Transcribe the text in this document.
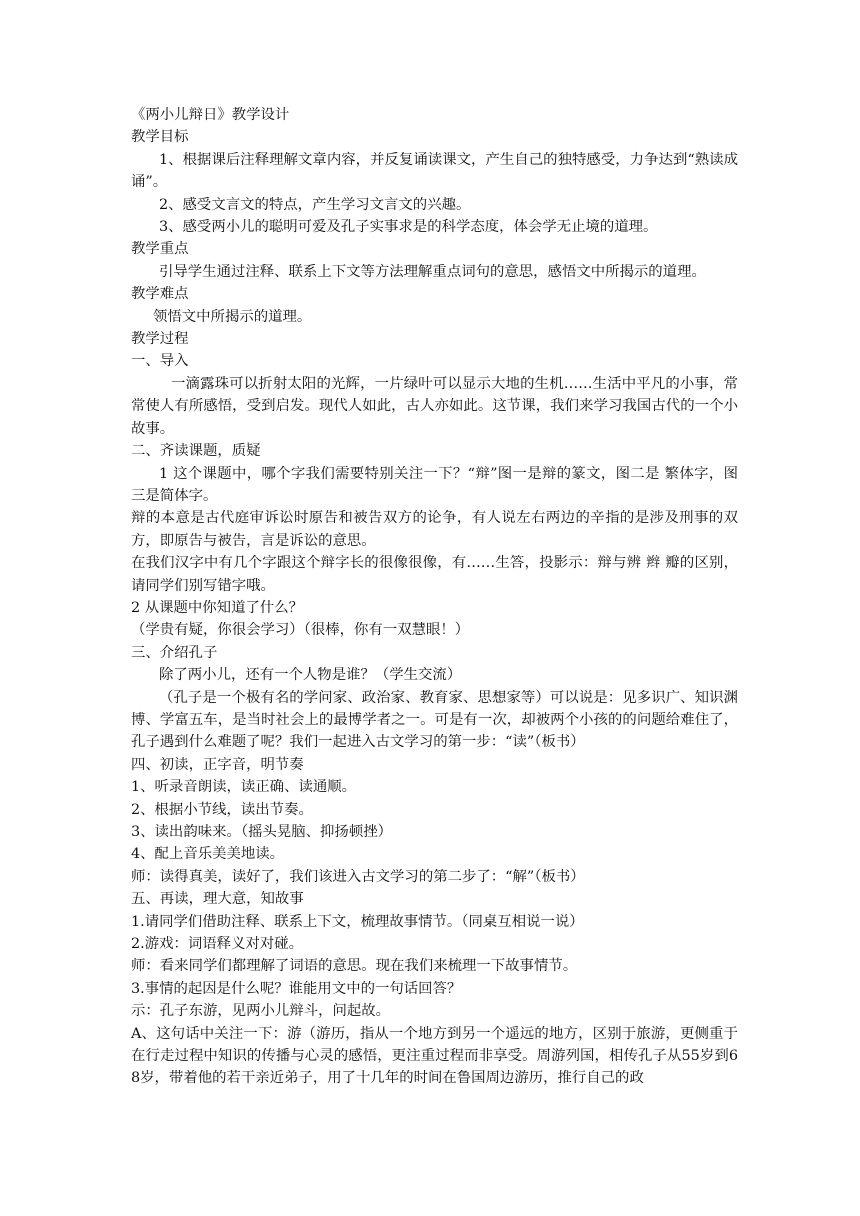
《两小儿辩日》教学设计

教学目标

1、根据课后注释理解文章内容，并反复诵读课文，产生自己的独特感受，力争达到“熟读成诵”。

2、感受文言文的特点，产生学习文言文的兴趣。

3、感受两小儿的聪明可爱及孔子实事求是的科学态度，体会学无止境的道理。

教学重点

引导学生通过注释、联系上下文等方法理解重点词句的意思，感悟文中所揭示的道理。

教学难点

领悟文中所揭示的道理。

教学过程

一、导入

一滴露珠可以折射太阳的光辉，一片绿叶可以显示大地的生机……生活中平凡的小事，常常使人有所感悟，受到启发。现代人如此，古人亦如此。这节课，我们来学习我国古代的一个小故事。

二、齐读课题，质疑

1 这个课题中，哪个字我们需要特别关注一下？“辩”图一是辩的篆文，图二是 繁体字，图三是简体字。

辩的本意是古代庭审诉讼时原告和被告双方的论争，有人说左右两边的辛指的是涉及刑事的双方，即原告与被告，言是诉讼的意思。

在我们汉字中有几个字跟这个辩字长的很像很像，有……生答，投影示：辩与辨 辫 瓣的区别，请同学们别写错字哦。

2 从课题中你知道了什么？

（学贵有疑，你很会学习）（很棒，你有一双慧眼！）

三、介绍孔子

除了两小儿，还有一个人物是谁？（学生交流）

（孔子是一个极有名的学问家、政治家、教育家、思想家等）可以说是：见多识广、知识渊博、学富五车，是当时社会上的最博学者之一。可是有一次，却被两个小孩的的问题给难住了，孔子遇到什么难题了呢？我们一起进入古文学习的第一步：“读”（板书）

四、初读，正字音，明节奏

1、听录音朗读，读正确、读通顺。

2、根据小节线，读出节奏。

3、读出韵味来。（摇头晃脑、抑扬顿挫）

4、配上音乐美美地读。

师：读得真美，读好了，我们该进入古文学习的第二步了：“解”（板书）

五、再读，理大意，知故事

1.请同学们借助注释、联系上下文，梳理故事情节。（同桌互相说一说）

2.游戏：词语释义对对碰。

师：看来同学们都理解了词语的意思。现在我们来梳理一下故事情节。

3.事情的起因是什么呢？谁能用文中的一句话回答？

示：孔子东游，见两小儿辩斗，问起故。

A、这句话中关注一下：游（游历，指从一个地方到另一个遥远的地方，区别于旅游，更侧重于在行走过程中知识的传播与心灵的感悟，更注重过程而非享受。周游列国，相传孔子从55岁到68岁，带着他的若干亲近弟子，用了十几年的时间在鲁国周边游历，推行自己的政
